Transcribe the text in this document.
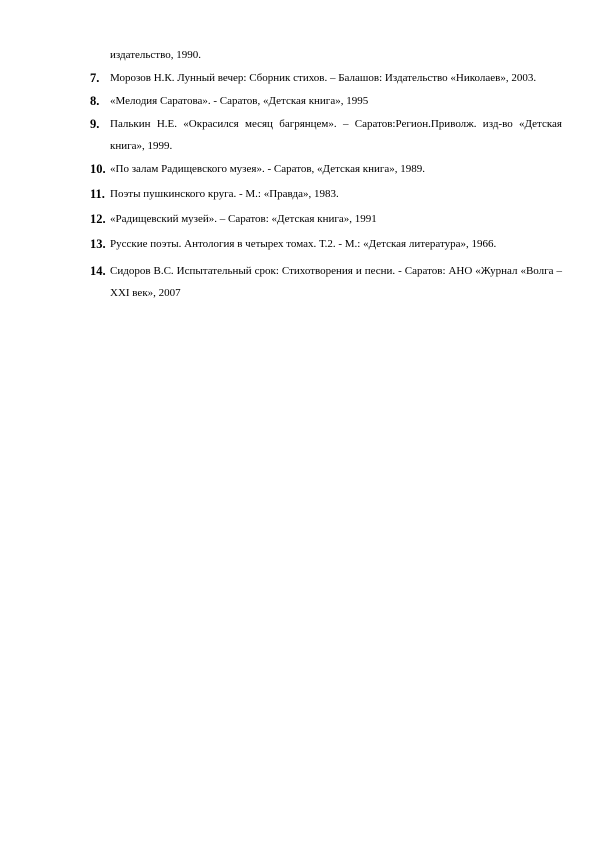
издательство, 1990.
7. Морозов Н.К. Лунный вечер: Сборник стихов. – Балашов: Издательство «Николаев», 2003.
8. «Мелодия Саратова». - Саратов, «Детская книга», 1995
9. Палькин Н.Е. «Окрасился месяц багрянцем». – Саратов:Регион.Приволж. изд-во «Детская книга», 1999.
10. «По залам Радищевского музея». - Саратов, «Детская книга», 1989.
11. Поэты пушкинского круга. - М.: «Правда», 1983.
12. «Радищевский музей». – Саратов: «Детская книга», 1991
13. Русские поэты. Антология в четырех томах. Т.2. - М.: «Детская литература», 1966.
14. Сидоров В.С. Испытательный срок: Стихотворения и песни. - Саратов: АНО «Журнал «Волга – XXI век», 2007
